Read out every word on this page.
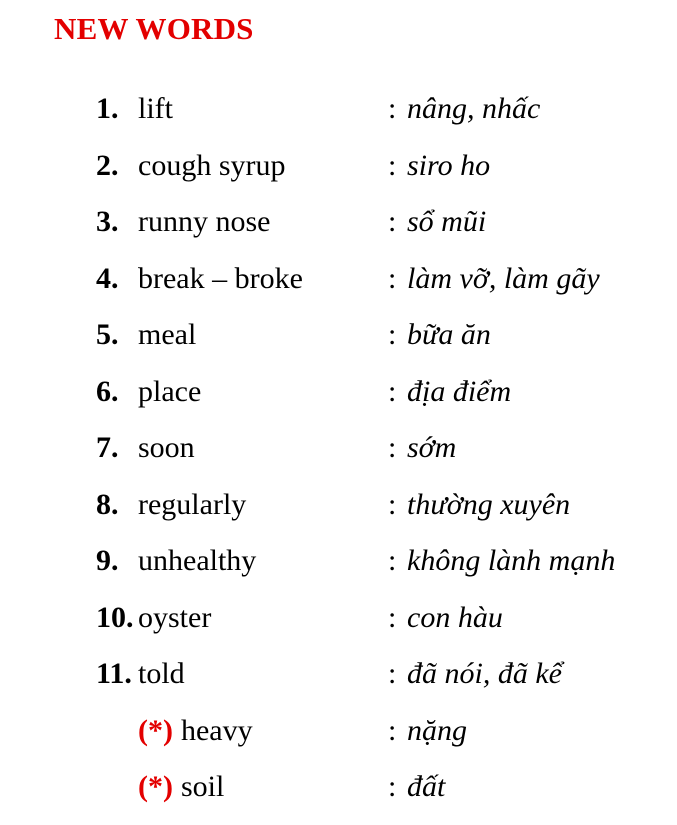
NEW WORDS
1. lift	: nâng, nhấc
2. cough syrup	: siro ho
3. runny nose	: sổ mũi
4. break – broke	: làm vỡ, làm gãy
5. meal	: bữa ăn
6. place	: địa điểm
7. soon	: sớm
8. regularly	: thường xuyên
9. unhealthy	: không lành mạnh
10. oyster	: con hàu
11. told	: đã nói, đã kể
(*) heavy	: nặng
(*) soil	: đất
